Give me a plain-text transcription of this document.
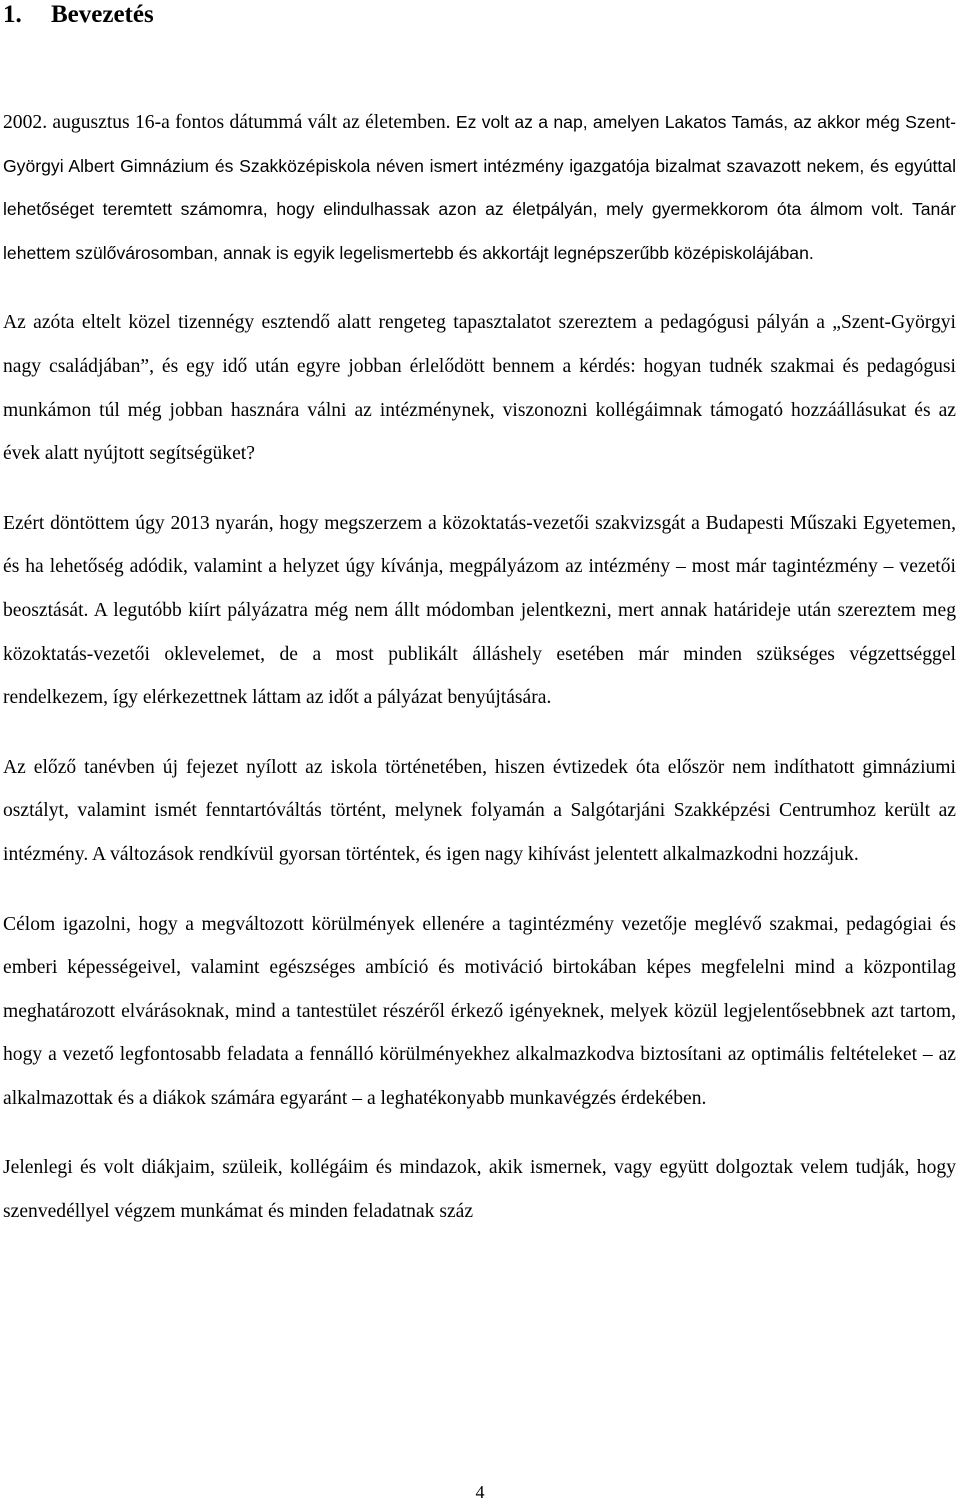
1. Bevezetés

2002. augusztus 16-a fontos dátummá vált az életemben. Ez volt az a nap, amelyen Lakatos Tamás, az akkor még Szent-Györgyi Albert Gimnázium és Szakközépiskola néven ismert intézmény igazgatója bizalmat szavazott nekem, és egyúttal lehetőséget teremtett számomra, hogy elindulhassak azon az életpályán, mely gyermekkorom óta álmom volt. Tanár lehettem szülővárosomban, annak is egyik legelismertebb és akkortájt legnépszerűbb középiskolájában.

Az azóta eltelt közel tizennégy esztendő alatt rengeteg tapasztalatot szereztem a pedagógusi pályán a „Szent-Györgyi nagy családjában”, és egy idő után egyre jobban érlelődött bennem a kérdés: hogyan tudnék szakmai és pedagógusi munkámon túl még jobban hasznára válni az intézménynek, viszonozni kollégáimnak támogató hozzáállásukat és az évek alatt nyújtott segítségüket?

Ezért döntöttem úgy 2013 nyarán, hogy megszerzem a közoktatás-vezetői szakvizsgát a Budapesti Műszaki Egyetemen, és ha lehetőség adódik, valamint a helyzet úgy kívánja, megpályázom az intézmény – most már tagintézmény – vezetői beosztását. A legutóbb kiírt pályázatra még nem állt módomban jelentkezni, mert annak határideje után szereztem meg közoktatás-vezetői oklevelemet, de a most publikált álláshely esetében már minden szükséges végzettséggel rendelkezem, így elérkezettnek láttam az időt a pályázat benyújtására.

Az előző tanévben új fejezet nyílott az iskola történetében, hiszen évtizedek óta először nem indíthatott gimnáziumi osztályt, valamint ismét fenntartóváltás történt, melynek folyamán a Salgótarjáni Szakképzési Centrumhoz került az intézmény. A változások rendkívül gyorsan történtek, és igen nagy kihívást jelentett alkalmazkodni hozzájuk.

Célom igazolni, hogy a megváltozott körülmények ellenére a tagintézmény vezetője meglévő szakmai, pedagógiai és emberi képességeivel, valamint egészséges ambíció és motiváció birtokában képes megfelelni mind a központilag meghatározott elvárásoknak, mind a tantestület részéről érkező igényeknek, melyek közül legjelentősebbnek azt tartom, hogy a vezető legfontosabb feladata a fennálló körülményekhez alkalmazkodva biztosítani az optimális feltételeket – az alkalmazottak és a diákok számára egyaránt – a leghatékonyabb munkavégzés érdekében.

Jelenlegi és volt diákjaim, szüleik, kollégáim és mindazok, akik ismernek, vagy együtt dolgoztak velem tudják, hogy szenvedéllyel végzem munkámat és minden feladatnak száz

4
